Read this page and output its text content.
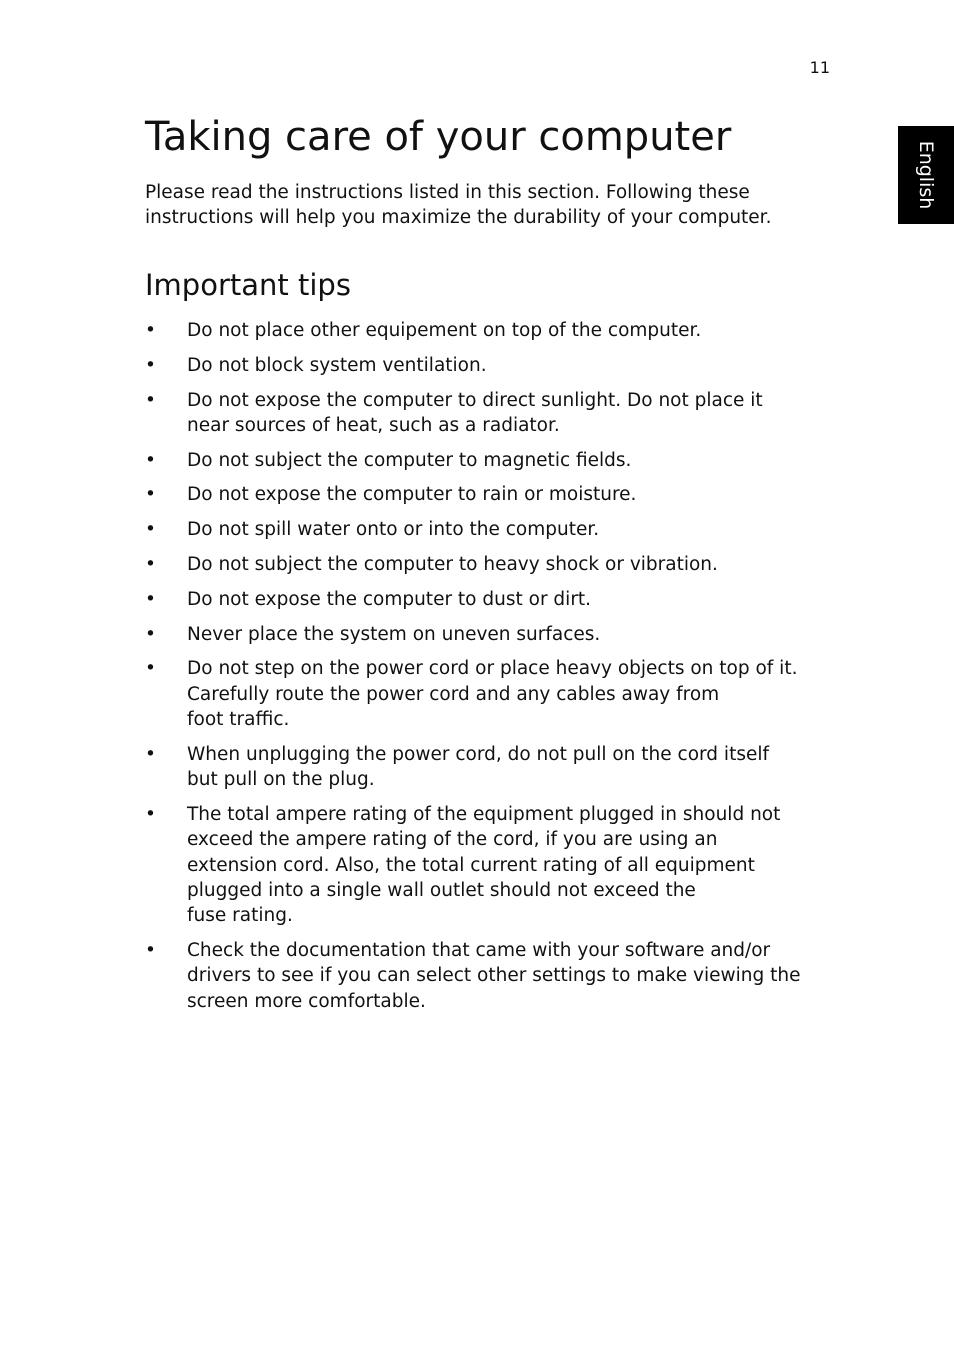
11
English
Taking care of your computer

Please read the instructions listed in this section. Following these instructions will help you maximize the durability of your computer.

Important tips
• Do not place other equipement on top of the computer.
• Do not block system ventilation.
• Do not expose the computer to direct sunlight. Do not place it
near sources of heat, such as a radiator.
• Do not subject the computer to magnetic fields.
• Do not expose the computer to rain or moisture.
• Do not spill water onto or into the computer.
• Do not subject the computer to heavy shock or vibration.
• Do not expose the computer to dust or dirt.
• Never place the system on uneven surfaces.
• Do not step on the power cord or place heavy objects on top of it.
Carefully route the power cord and any cables away from
foot traffic.
• When unplugging the power cord, do not pull on the cord itself
but pull on the plug.
• The total ampere rating of the equipment plugged in should not
exceed the ampere rating of the cord, if you are using an
extension cord. Also, the total current rating of all equipment
plugged into a single wall outlet should not exceed the
fuse rating.
• Check the documentation that came with your software and/or
drivers to see if you can select other settings to make viewing the
screen more comfortable.
